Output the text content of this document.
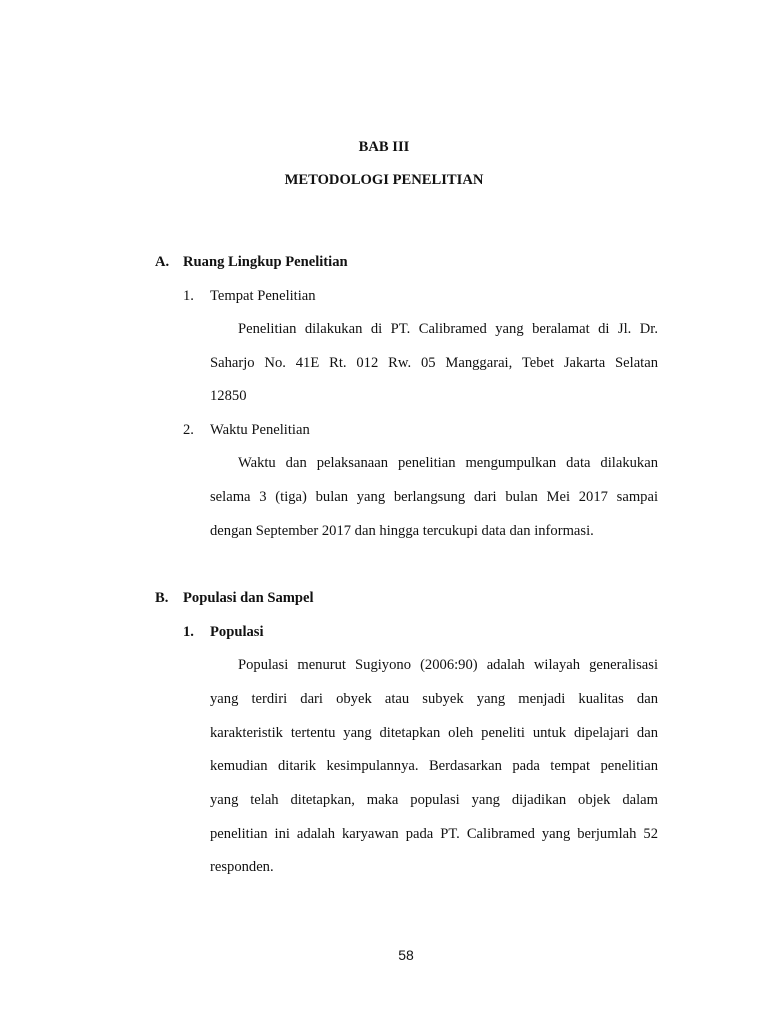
BAB III
METODOLOGI PENELITIAN
A. Ruang Lingkup Penelitian
1. Tempat Penelitian
Penelitian dilakukan di PT. Calibramed yang beralamat di Jl. Dr.
Saharjo No. 41E Rt. 012 Rw. 05 Manggarai, Tebet Jakarta Selatan
12850
2. Waktu Penelitian
Waktu dan pelaksanaan penelitian mengumpulkan data dilakukan
selama 3 (tiga) bulan yang berlangsung dari bulan Mei 2017 sampai
dengan September 2017 dan hingga tercukupi data dan informasi.
B. Populasi dan Sampel
1. Populasi
Populasi menurut Sugiyono (2006:90) adalah wilayah generalisasi
yang terdiri dari obyek atau subyek yang menjadi kualitas dan
karakteristik tertentu yang ditetapkan oleh peneliti untuk dipelajari dan
kemudian ditarik kesimpulannya. Berdasarkan pada tempat penelitian
yang telah ditetapkan, maka populasi yang dijadikan objek dalam
penelitian ini adalah karyawan pada PT. Calibramed yang berjumlah 52
responden.
58
